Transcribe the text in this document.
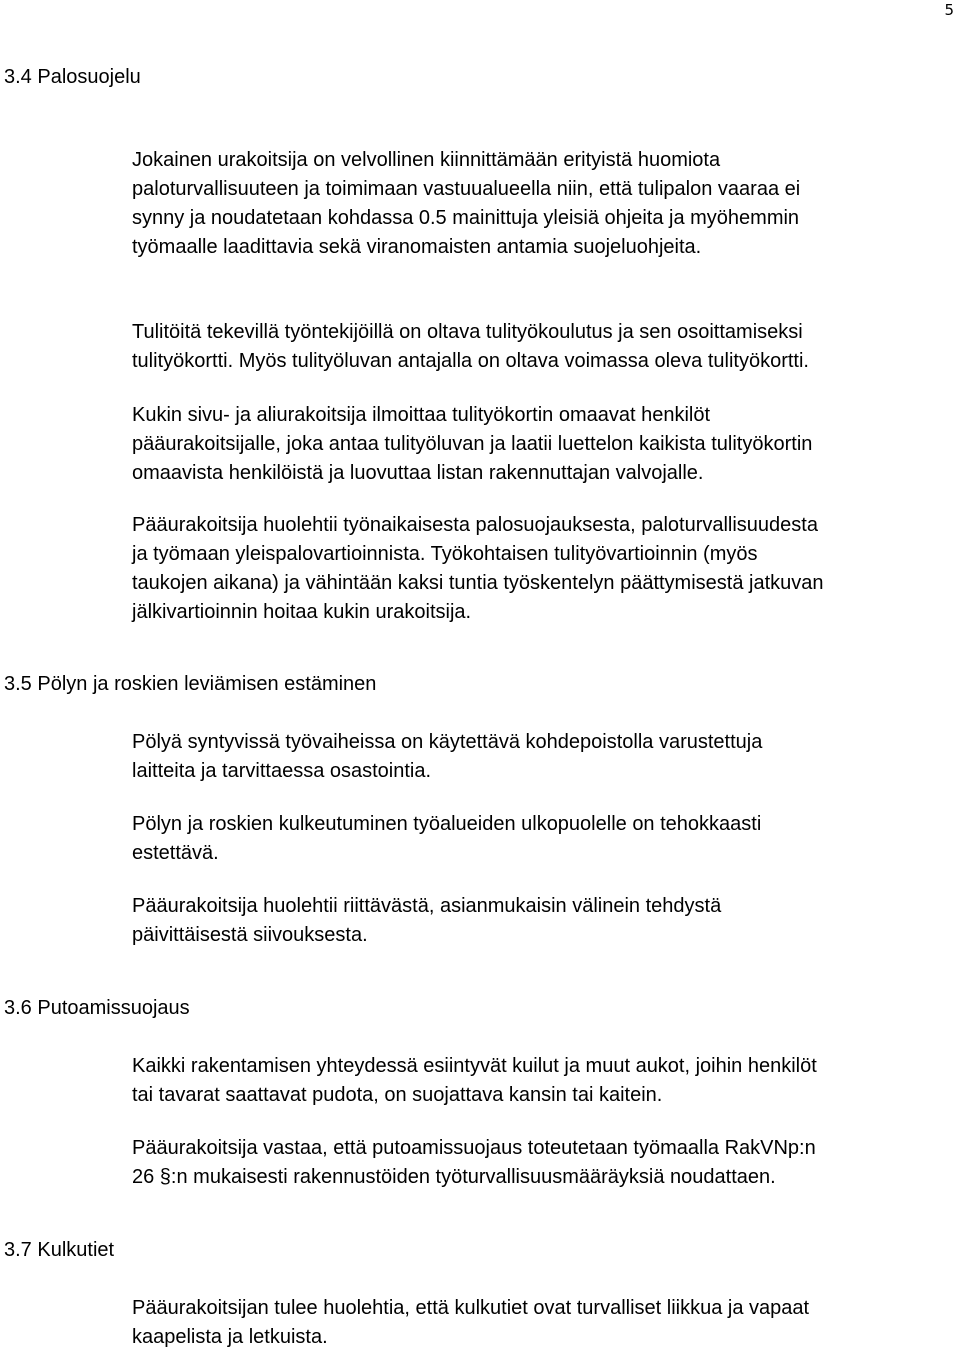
5
3.4 Palosuojelu

Jokainen urakoitsija on velvollinen kiinnittämään erityistä huomiota
paloturvallisuuteen ja toimimaan vastuualueella niin, että tulipalon vaaraa ei
synny ja noudatetaan kohdassa 0.5 mainittuja yleisiä ohjeita ja myöhemmin
työmaalle laadittavia sekä viranomaisten antamia suojeluohjeita.

Tulitöitä tekevillä työntekijöillä on oltava tulityökoulutus ja sen osoittamiseksi
tulityökortti. Myös tulityöluvan antajalla on oltava voimassa oleva tulityökortti.

Kukin sivu- ja aliurakoitsija ilmoittaa tulityökortin omaavat henkilöt
pääurakoitsijalle, joka antaa tulityöluvan ja laatii luettelon kaikista tulityökortin
omaavista henkilöistä ja luovuttaa listan rakennuttajan valvojalle.

Pääurakoitsija huolehtii työnaikaisesta palosuojauksesta, paloturvallisuudesta
ja työmaan yleispalovartioinnista. Työkohtaisen tulityövartioinnin (myös
taukojen aikana) ja vähintään kaksi tuntia työskentelyn päättymisestä jatkuvan
jälkivartioinnin hoitaa kukin urakoitsija.

3.5 Pölyn ja roskien leviämisen estäminen

Pölyä syntyvissä työvaiheissa on käytettävä kohdepoistolla varustettuja
laitteita ja tarvittaessa osastointia.

Pölyn ja roskien kulkeutuminen työalueiden ulkopuolelle on tehokkaasti
estettävä.

Pääurakoitsija huolehtii riittävästä, asianmukaisin välinein tehdystä
päivittäisestä siivouksesta.

3.6 Putoamissuojaus

Kaikki rakentamisen yhteydessä esiintyvät kuilut ja muut aukot, joihin henkilöt
tai tavarat saattavat pudota, on suojattava kansin tai kaitein.

Pääurakoitsija vastaa, että putoamissuojaus toteutetaan työmaalla RakVNp:n
26 §:n mukaisesti rakennustöiden työturvallisuusmääräyksiä noudattaen.

3.7 Kulkutiet

Pääurakoitsijan tulee huolehtia, että kulkutiet ovat turvalliset liikkua ja vapaat
kaapelista ja letkuista.
